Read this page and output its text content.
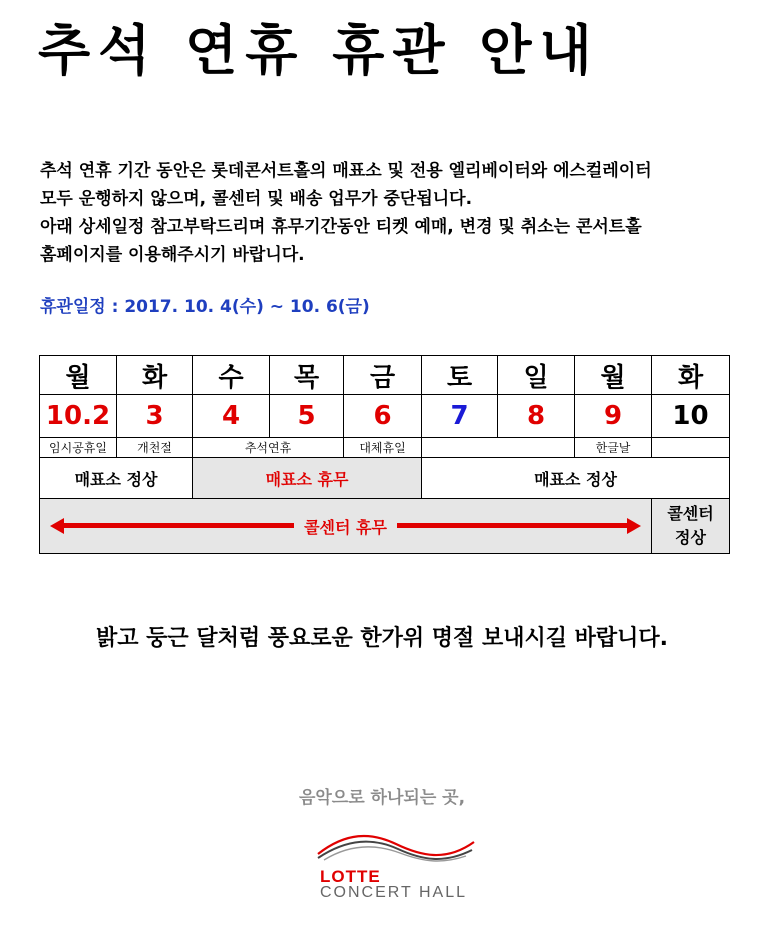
추석 연휴 휴관 안내
추석 연휴 기간 동안은 롯데콘서트홀의 매표소 및 전용 엘리베이터와 에스컬레이터
모두 운행하지 않으며, 콜센터 및 배송 업무가 중단됩니다.
아래 상세일정 참고부탁드리며 휴무기간동안 티켓 예매, 변경 및 취소는 콘서트홀
홈페이지를 이용해주시기 바랍니다.
휴관일정 : 2017. 10. 4(수) ~ 10. 6(금)
월	화	수	목	금	토	일	월	화
10.2	3	4	5	6	7	8	9	10
임시공휴일	개천절	추석연휴		대체휴일			한글날	
매표소 정상		매표소 휴무			매표소 정상			

콜센터 휴무								콜센터
정상
밝고 둥근 달처럼 풍요로운 한가위 명절 보내시길 바랍니다.
음악으로 하나되는 곳,
LOTTE
CONCERT HALL
